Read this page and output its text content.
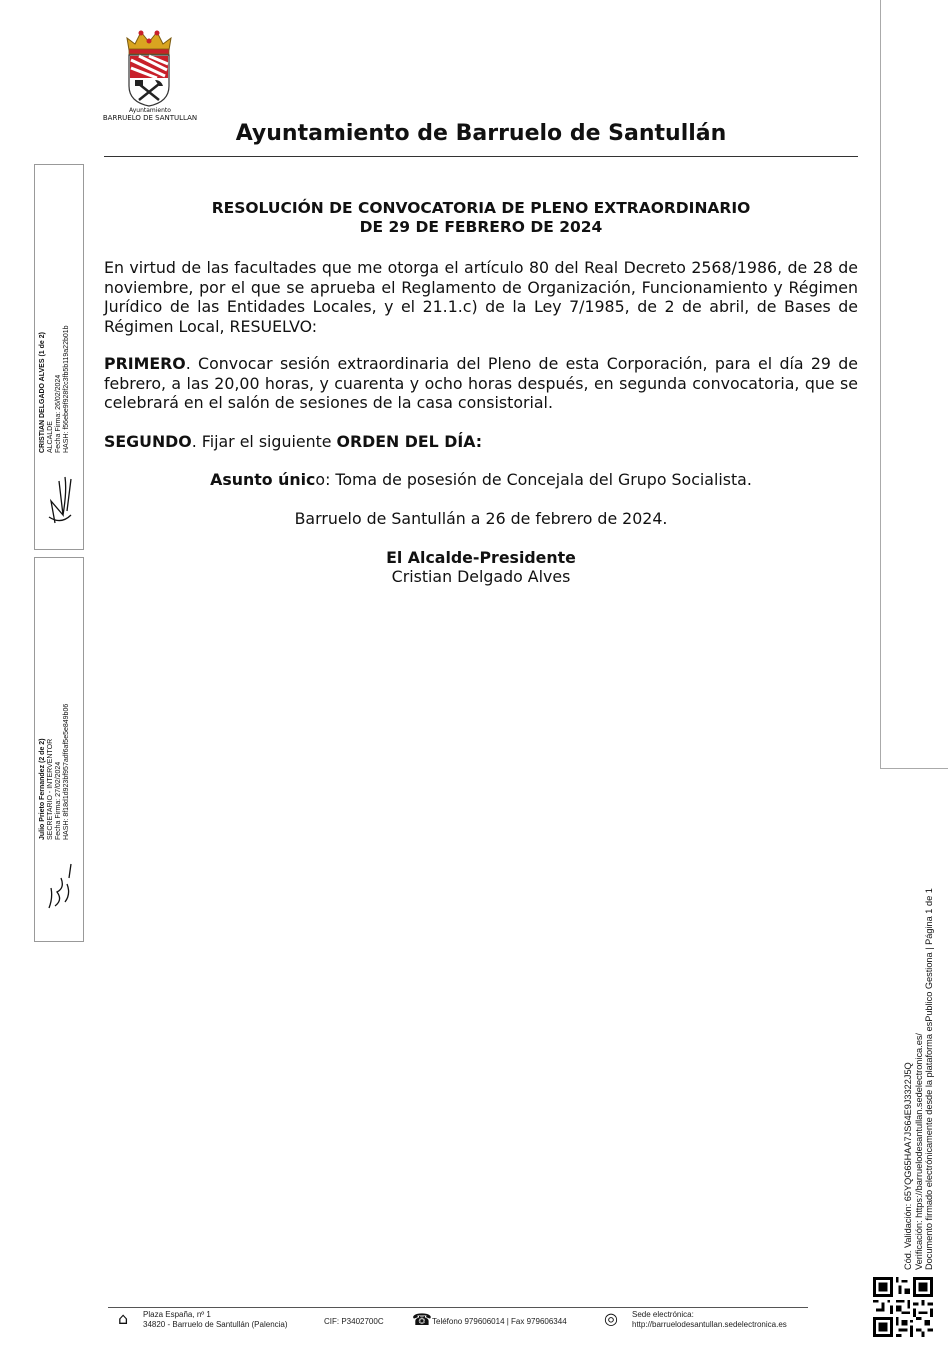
Ayuntamiento
BARRUELO DE SANTULLAN
Ayuntamiento de Barruelo de Santullán
RESOLUCIÓN DE CONVOCATORIA DE PLENO EXTRAORDINARIO
DE 29 DE FEBRERO DE 2024
En virtud de las facultades que me otorga el artículo 80 del Real Decreto 2568/1986, de 28 de noviembre, por el que se aprueba el Reglamento de Organización, Funcionamiento y Régimen Jurídico de las Entidades Locales, y el 21.1.c) de la Ley 7/1985, de 2 de abril, de Bases de Régimen Local, RESUELVO:
PRIMERO. Convocar sesión extraordinaria del Pleno de esta Corporación, para el día 29 de febrero, a las 20,00 horas, y cuarenta y ocho horas después, en segunda convocatoria, que se celebrará en el salón de sesiones de la casa consistorial.
SEGUNDO. Fijar el siguiente ORDEN DEL DÍA:
Asunto único: Toma de posesión de Concejala del Grupo Socialista.
Barruelo de Santullán a 26 de febrero de 2024.
El Alcalde-Presidente
Cristian Delgado Alves
CRISTIAN DELGADO ALVES (1 de 2) ALCALDE Fecha Firma: 26/02/2024 HASH: f56ebe9f928f2c3fb5b119a22b01b
Julio Prieto Fernandez (2 de 2) SECRETARIO - INTERVENTOR Fecha Firma: 27/02/2024 HASH: 8f18d1d923bf957adf6af5e5e849b06
Cód. Validación: 65YQG65HAA7JS64E9J3322J5Q Verificación: https://barruelodesantullan.sedelectronica.es/ Documento firmado electrónicamente desde la plataforma esPublico Gestiona | Página 1 de 1
⌂ Plaza España, nº 1
34820 - Barruelo de Santullán (Palencia)	CIF: P3402700C ☎ Teléfono 979606014 | Fax 979606344 ◎ Sede electrónica:
http://barruelodesantullan.sedelectronica.es
